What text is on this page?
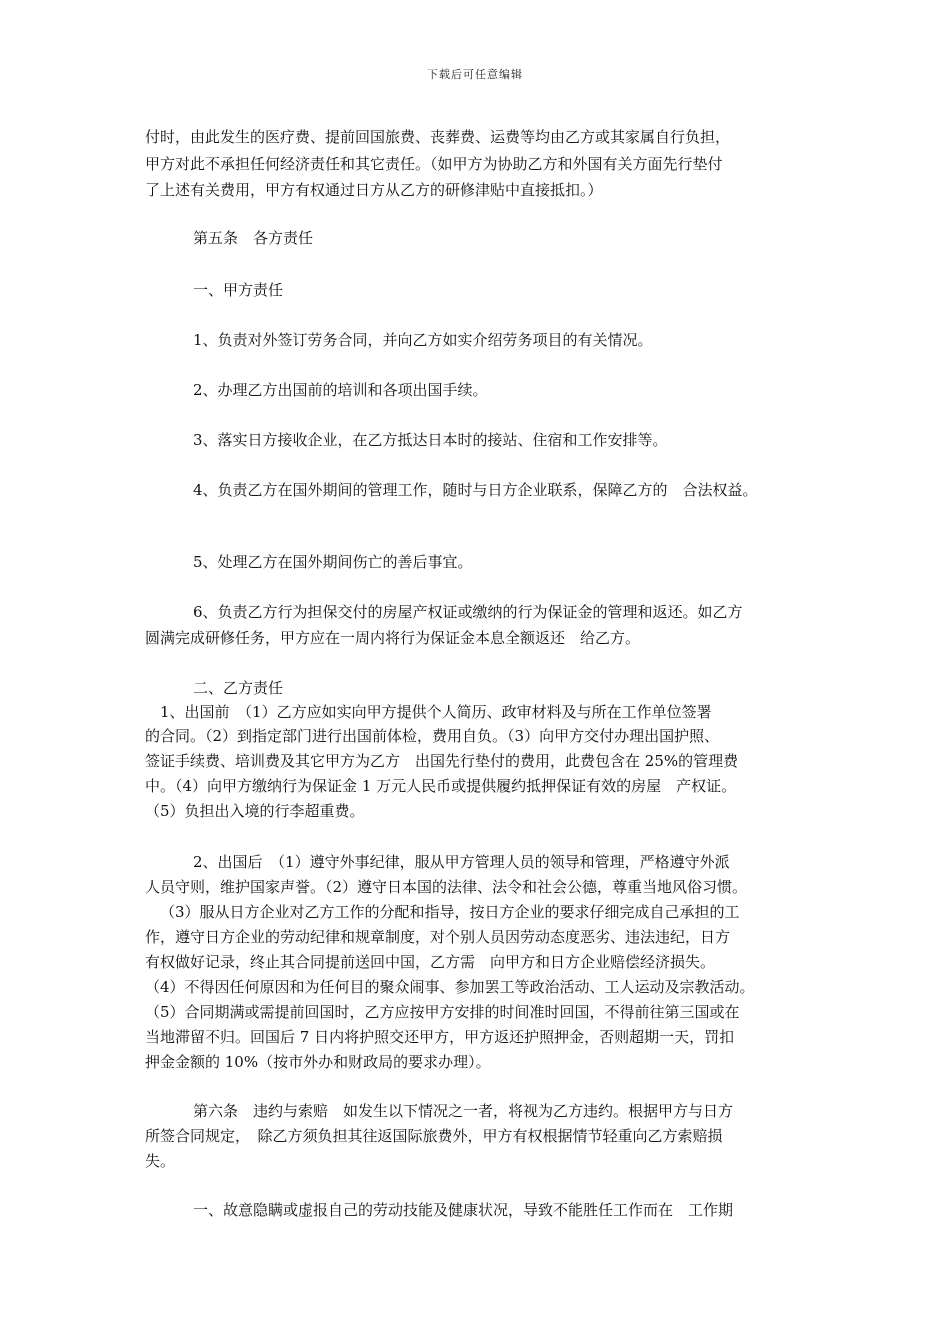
下载后可任意编辑
付时，由此发生的医疗费、提前回国旅费、丧葬费、运费等均由乙方或其家属自行负担，
甲方对此不承担任何经济责任和其它责任。（如甲方为协助乙方和外国有关方面先行垫付
了上述有关费用，甲方有权通过日方从乙方的研修津贴中直接抵扣。）
第五条　各方责任
一、甲方责任
1、负责对外签订劳务合同，并向乙方如实介绍劳务项目的有关情况。
2、办理乙方出国前的培训和各项出国手续。
3、落实日方接收企业，在乙方抵达日本时的接站、住宿和工作安排等。
4、负责乙方在国外期间的管理工作，随时与日方企业联系，保障乙方的　合法权益。
5、处理乙方在国外期间伤亡的善后事宜。
6、负责乙方行为担保交付的房屋产权证或缴纳的行为保证金的管理和返还。如乙方
圆满完成研修任务，甲方应在一周内将行为保证金本息全额返还　给乙方。
二、乙方责任
1、出国前　（1）乙方应如实向甲方提供个人简历、政审材料及与所在工作单位签署
的合同。（2）到指定部门进行出国前体检，费用自负。（3）向甲方交付办理出国护照、
签证手续费、培训费及其它甲方为乙方　出国先行垫付的费用，此费包含在 25%的管理费
中。（4）向甲方缴纳行为保证金 1 万元人民币或提供履约抵押保证有效的房屋　产权证。
（5）负担出入境的行李超重费。
2、出国后　（1）遵守外事纪律，服从甲方管理人员的领导和管理，严格遵守外派
人员守则，维护国家声誉。（2）遵守日本国的法律、法令和社会公德，尊重当地风俗习惯。
（3）服从日方企业对乙方工作的分配和指导，按日方企业的要求仔细完成自己承担的工
作，遵守日方企业的劳动纪律和规章制度，对个别人员因劳动态度恶劣、违法违纪，日方
有权做好记录，终止其合同提前送回中国，乙方需　向甲方和日方企业赔偿经济损失。
（4）不得因任何原因和为任何目的聚众闹事、参加罢工等政治活动、工人运动及宗教活动。
（5）合同期满或需提前回国时，乙方应按甲方安排的时间准时回国，不得前往第三国或在
当地滞留不归。回国后 7 日内将护照交还甲方，甲方返还护照押金，否则超期一天，罚扣
押金金额的 10%（按市外办和财政局的要求办理）。
第六条　违约与索赔　如发生以下情况之一者，将视为乙方违约。根据甲方与日方
所签合同规定，　除乙方须负担其往返国际旅费外，甲方有权根据情节轻重向乙方索赔损
失。
一、故意隐瞒或虚报自己的劳动技能及健康状况，导致不能胜任工作而在　工作期
